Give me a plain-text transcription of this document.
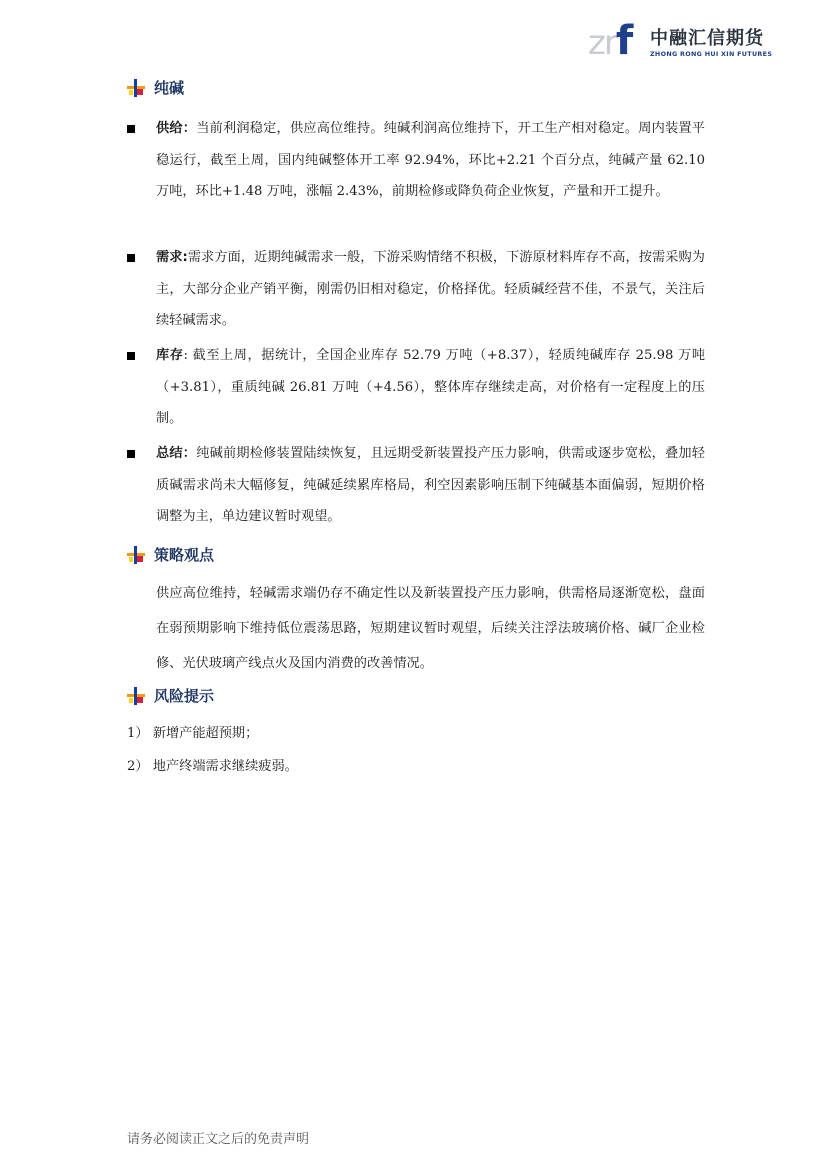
zrf 中融汇信期货
ZHONG RONG HUI XIN FUTURES
纯碱
供给：当前利润稳定，供应高位维持。纯碱利润高位维持下，开工生产相对稳定。周内装置平稳运行，截至上周，国内纯碱整体开工率 92.94%，环比+2.21 个百分点，纯碱产量 62.10 万吨，环比+1.48 万吨，涨幅 2.43%，前期检修或降负荷企业恢复，产量和开工提升。
需求:需求方面，近期纯碱需求一般，下游采购情绪不积极，下游原材料库存不高，按需采购为主，大部分企业产销平衡，刚需仍旧相对稳定，价格择优。轻质碱经营不佳，不景气，关注后续轻碱需求。
库存: 截至上周，据统计，全国企业库存 52.79 万吨（+8.37），轻质纯碱库存 25.98 万吨（+3.81），重质纯碱 26.81 万吨（+4.56），整体库存继续走高，对价格有一定程度上的压制。
总结：纯碱前期检修装置陆续恢复，且远期受新装置投产压力影响，供需或逐步宽松，叠加轻质碱需求尚未大幅修复，纯碱延续累库格局，利空因素影响压制下纯碱基本面偏弱，短期价格调整为主，单边建议暂时观望。
策略观点
供应高位维持，轻碱需求端仍存不确定性以及新装置投产压力影响，供需格局逐渐宽松，盘面在弱预期影响下维持低位震荡思路，短期建议暂时观望，后续关注浮法玻璃价格、碱厂企业检修、光伏玻璃产线点火及国内消费的改善情况。
风险提示
1） 新增产能超预期；
2） 地产终端需求继续疲弱。
请务必阅读正文之后的免责声明
